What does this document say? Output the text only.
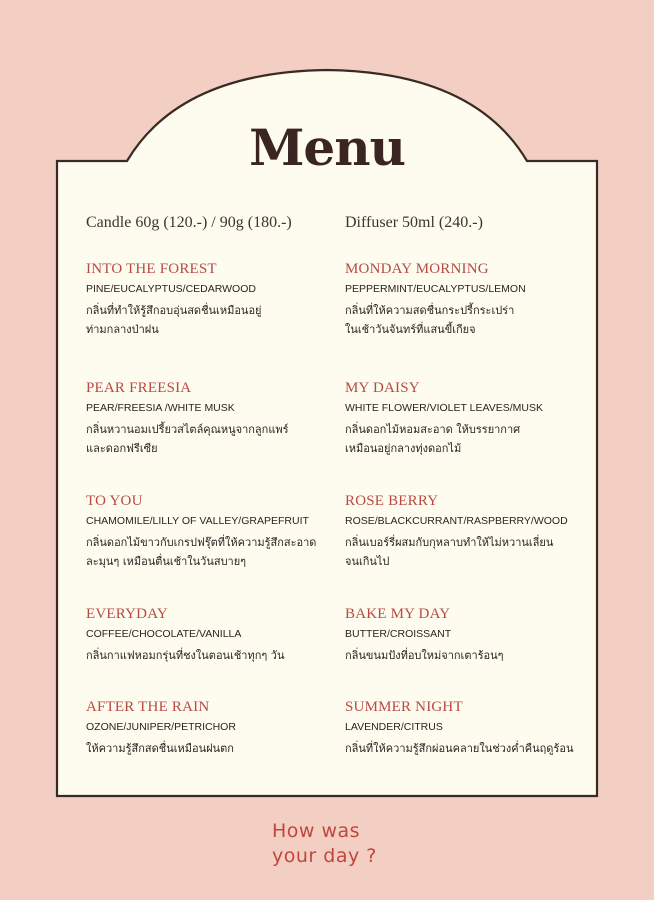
Menu
Candle 60g (120.-) / 90g (180.-)	Diffuser 50ml (240.-)
INTO THE FOREST
PINE/EUCALYPTUS/CEDARWOOD
กลิ่นที่ทำให้รู้สึกอบอุ่นสดชื่นเหมือนอยู่
ท่ามกลางป่าฝน
PEAR FREESIA
PEAR/FREESIA /WHITE MUSK
กลิ่นหวานอมเปรี้ยวสไตล์คุณหนูจากลูกแพร์
และดอกฟรีเซีย
TO YOU
CHAMOMILE/LILLY OF VALLEY/GRAPEFRUIT
กลิ่นดอกไม้ขาวกับเกรปฟรุ๊ตที่ให้ความรู้สึกสะอาด
ละมุนๆ เหมือนตื่นเช้าในวันสบายๆ
EVERYDAY
COFFEE/CHOCOLATE/VANILLA
กลิ่นกาแฟหอมกรุ่นที่ชงในตอนเช้าทุกๆ วัน
AFTER THE RAIN
OZONE/JUNIPER/PETRICHOR
ให้ความรู้สึกสดชื่นเหมือนฝนตก
MONDAY MORNING
PEPPERMINT/EUCALYPTUS/LEMON
กลิ่นที่ให้ความสดชื่นกระปรี้กระเปร่า
ในเช้าวันจันทร์ที่แสนขี้เกียจ
MY DAISY
WHITE FLOWER/VIOLET LEAVES/MUSK
กลิ่นดอกไม้หอมสะอาด ให้บรรยากาศ
เหมือนอยู่กลางทุ่งดอกไม้
ROSE BERRY
ROSE/BLACKCURRANT/RASPBERRY/WOOD
กลิ่นเบอร์รี่ผสมกับกุหลาบทำให้ไม่หวานเลี่ยน
จนเกินไป
BAKE MY DAY
BUTTER/CROISSANT
กลิ่นขนมปังที่อบใหม่จากเตาร้อนๆ
SUMMER NIGHT
LAVENDER/CITRUS
กลิ่นที่ให้ความรู้สึกผ่อนคลายในช่วงค่ำคืนฤดูร้อน
How was
your day ?
